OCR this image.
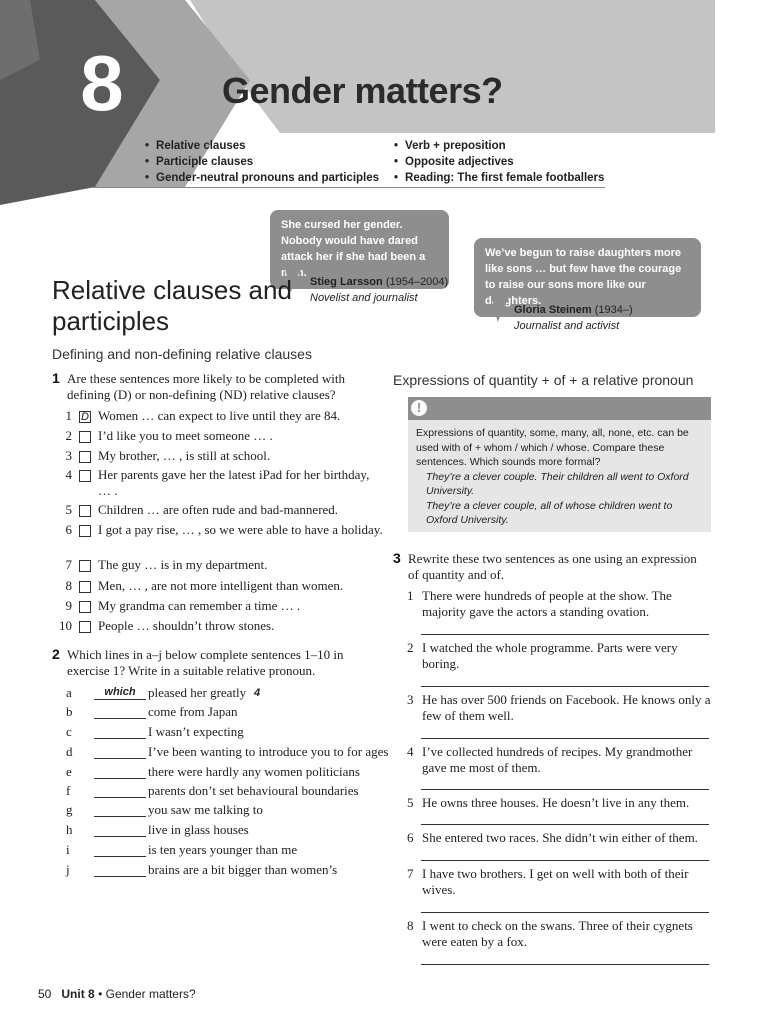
8	Gender matters?
• Relative clauses
• Participle clauses
• Gender-neutral pronouns and participles
• Verb + preposition
• Opposite adjectives
• Reading: The first female footballers
She cursed her gender. Nobody would have dared attack her if she had been a man.
Stieg Larsson (1954–2004)
Novelist and journalist
We’ve begun to raise daughters more like sons … but few have the courage to raise our sons more like our daughters.
Gloria Steinem (1934–)
Journalist and activist
Relative clauses and participles
Defining and non-defining relative clauses
1 Are these sentences more likely to be completed with defining (D) or non-defining (ND) relative clauses?
1 D Women … can expect to live until they are 84.
2 I’d like you to meet someone … .
3 My brother, … , is still at school.
4 Her parents gave her the latest iPad for her birthday, … .
5 Children … are often rude and bad-mannered.
6 I got a pay rise, … , so we were able to have a holiday.
7 The guy … is in my department.
8 Men, … , are not more intelligent than women.
9 My grandma can remember a time … .
10 People … shouldn’t throw stones.
2 Which lines in a–j below complete sentences 1–10 in exercise 1? Write in a suitable relative pronoun.
a	which pleased her greatly 4
b	come from Japan
c	I wasn’t expecting
d	I’ve been wanting to introduce you to for ages
e	there were hardly any women politicians
f	parents don’t set behavioural boundaries
g	you saw me talking to
h	live in glass houses
i	is ten years younger than me
j	brains are a bit bigger than women’s
Expressions of quantity + of + a relative pronoun
!
Expressions of quantity, some, many, all, none, etc. can be used with of + whom / which / whose. Compare these sentences. Which sounds more formal?
They’re a clever couple. Their children all went to Oxford University.
They’re a clever couple, all of whose children went to Oxford University.
3 Rewrite these two sentences as one using an expression of quantity and of.
1 There were hundreds of people at the show. The majority gave the actors a standing ovation.
2 I watched the whole programme. Parts were very boring.
3 He has over 500 friends on Facebook. He knows only a few of them well.
4 I’ve collected hundreds of recipes. My grandmother gave me most of them.
5 He owns three houses. He doesn’t live in any them.
6 She entered two races. She didn’t win either of them.
7 I have two brothers. I get on well with both of their wives.
8 I went to check on the swans. Three of their cygnets were eaten by a fox.
50 Unit 8 • Gender matters?
